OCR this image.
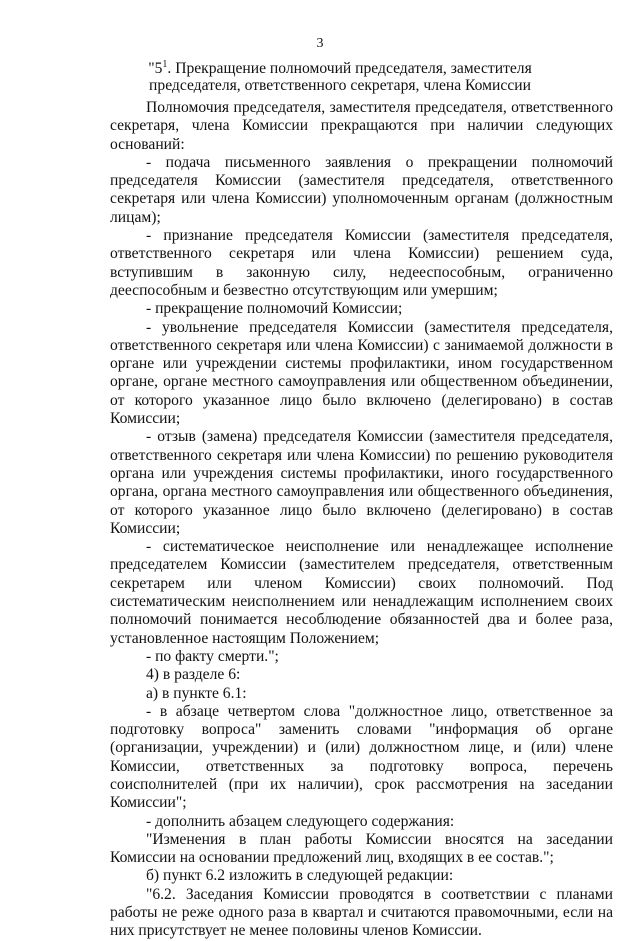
3
"$5^1$. Прекращение полномочий председателя, заместителя председателя, ответственного секретаря, члена Комиссии

Полномочия председателя, заместителя председателя, ответственного секретаря, члена Комиссии прекращаются при наличии следующих оснований:

- подача письменного заявления о прекращении полномочий председателя Комиссии (заместителя председателя, ответственного секретаря или члена Комиссии) уполномоченным органам (должностным лицам);

- признание председателя Комиссии (заместителя председателя, ответственного секретаря или члена Комиссии) решением суда, вступившим в законную силу, недееспособным, ограниченно дееспособным и безвестно отсутствующим или умершим;

- прекращение полномочий Комиссии;

- увольнение председателя Комиссии (заместителя председателя, ответственного секретаря или члена Комиссии) с занимаемой должности в органе или учреждении системы профилактики, ином государственном органе, органе местного самоуправления или общественном объединении, от которого указанное лицо было включено (делегировано) в состав Комиссии;

- отзыв (замена) председателя Комиссии (заместителя председателя, ответственного секретаря или члена Комиссии) по решению руководителя органа или учреждения системы профилактики, иного государственного органа, органа местного самоуправления или общественного объединения, от которого указанное лицо было включено (делегировано) в состав Комиссии;

- систематическое неисполнение или ненадлежащее исполнение председателем Комиссии (заместителем председателя, ответственным секретарем или членом Комиссии) своих полномочий. Под систематическим неисполнением или ненадлежащим исполнением своих полномочий понимается несоблюдение обязанностей два и более раза, установленное настоящим Положением;

- по факту смерти.";

4) в разделе 6:

а) в пункте 6.1:

- в абзаце четвертом слова "должностное лицо, ответственное за подготовку вопроса" заменить словами "информация об органе (организации, учреждении) и (или) должностном лице, и (или) члене Комиссии, ответственных за подготовку вопроса, перечень соисполнителей (при их наличии), срок рассмотрения на заседании Комиссии";

- дополнить абзацем следующего содержания:

"Изменения в план работы Комиссии вносятся на заседании Комиссии на основании предложений лиц, входящих в ее состав.";

б) пункт 6.2 изложить в следующей редакции:

"6.2. Заседания Комиссии проводятся в соответствии с планами работы не реже одного раза в квартал и считаются правомочными, если на них присутствует не менее половины членов Комиссии.
